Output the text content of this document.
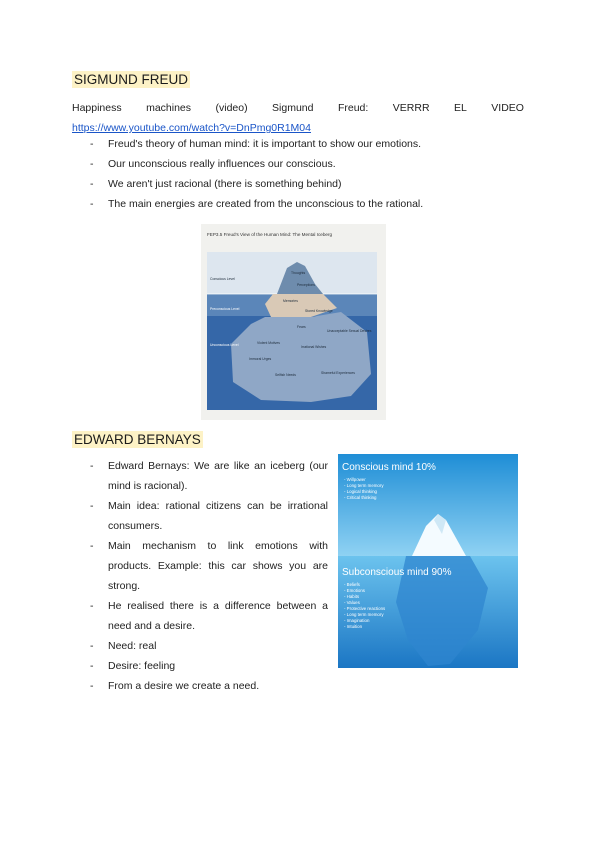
SIGMUND FREUD
Happiness machines (video) Sigmund Freud: VERRR EL VIDEO
https://www.youtube.com/watch?v=DnPmg0R1M04
- Freud's theory of human mind: it is important to show our emotions.
- Our unconscious really influences our conscious.
- We aren't just racional (there is something behind)
- The main energies are created from the unconscious to the rational.
FEP3.5 Freud's View of the Human Mind: The Mental Iceberg
Conscious Level
Preconscious Level
Unconscious Level
Thoughts
Perceptions
Memories
Stored Knowledge
Fears
Unacceptable Sexual Desires
Violent Motives
Irrational Wishes
Immoral Urges
Selfish Needs	Shameful Experiences
EDWARD BERNAYS
- Edward Bernays: We are like an iceberg (our mind is racional).
- Main idea: rational citizens can be irrational consumers.
- Main mechanism to link emotions with products. Example: this car shows you are strong.
- He realised there is a difference between a need and a desire.
- Need: real
- Desire: feeling
- From a desire we create a need.
Conscious mind 10%
- Willpower
- Long term memory
- Logical thinking
- Critical thinking
Subconscious mind 90%
- Beliefs
- Emotions
- Habits
- Values
- Protective reactions
- Long term memory
- Imagination
- Intuition
